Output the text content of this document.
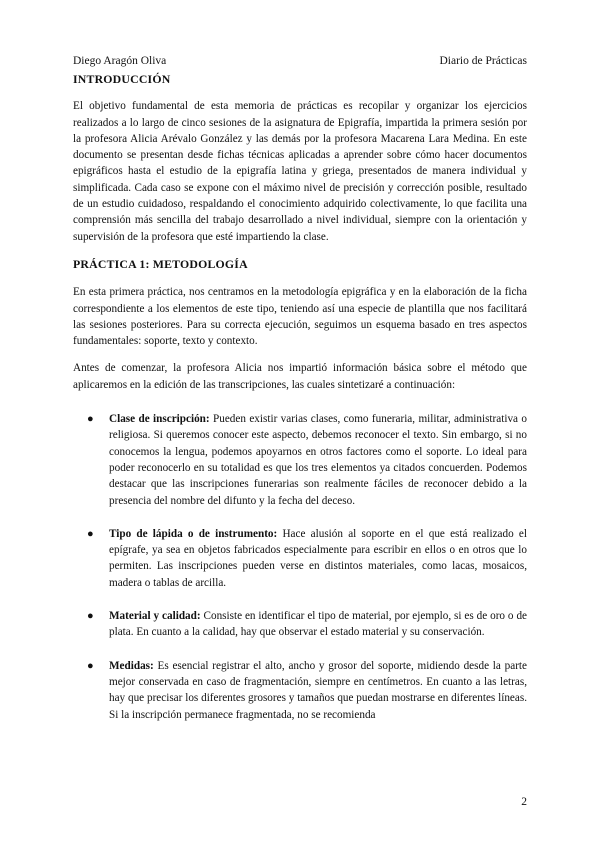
Diego Aragón Oliva	Diario de Prácticas
INTRODUCCIÓN

El objetivo fundamental de esta memoria de prácticas es recopilar y organizar los ejercicios realizados a lo largo de cinco sesiones de la asignatura de Epigrafía, impartida la primera sesión por la profesora Alicia Arévalo González y las demás por la profesora Macarena Lara Medina. En este documento se presentan desde fichas técnicas aplicadas a aprender sobre cómo hacer documentos epigráficos hasta el estudio de la epigrafía latina y griega, presentados de manera individual y simplificada. Cada caso se expone con el máximo nivel de precisión y corrección posible, resultado de un estudio cuidadoso, respaldando el conocimiento adquirido colectivamente, lo que facilita una comprensión más sencilla del trabajo desarrollado a nivel individual, siempre con la orientación y supervisión de la profesora que esté impartiendo la clase.

PRÁCTICA 1: METODOLOGÍA

En esta primera práctica, nos centramos en la metodología epigráfica y en la elaboración de la ficha correspondiente a los elementos de este tipo, teniendo así una especie de plantilla que nos facilitará las sesiones posteriores. Para su correcta ejecución, seguimos un esquema basado en tres aspectos fundamentales: soporte, texto y contexto.

Antes de comenzar, la profesora Alicia nos impartió información básica sobre el método que aplicaremos en la edición de las transcripciones, las cuales sintetizaré a continuación:

● Clase de inscripción: Pueden existir varias clases, como funeraria, militar, administrativa o religiosa. Si queremos conocer este aspecto, debemos reconocer el texto. Sin embargo, si no conocemos la lengua, podemos apoyarnos en otros factores como el soporte. Lo ideal para poder reconocerlo en su totalidad es que los tres elementos ya citados concuerden. Podemos destacar que las inscripciones funerarias son realmente fáciles de reconocer debido a la presencia del nombre del difunto y la fecha del deceso.
● Tipo de lápida o de instrumento: Hace alusión al soporte en el que está realizado el epígrafe, ya sea en objetos fabricados especialmente para escribir en ellos o en otros que lo permiten. Las inscripciones pueden verse en distintos materiales, como lacas, mosaicos, madera o tablas de arcilla.
● Material y calidad: Consiste en identificar el tipo de material, por ejemplo, si es de oro o de plata. En cuanto a la calidad, hay que observar el estado material y su conservación.
● Medidas: Es esencial registrar el alto, ancho y grosor del soporte, midiendo desde la parte mejor conservada en caso de fragmentación, siempre en centímetros. En cuanto a las letras, hay que precisar los diferentes grosores y tamaños que puedan mostrarse en diferentes líneas. Si la inscripción permanece fragmentada, no se recomienda
2
